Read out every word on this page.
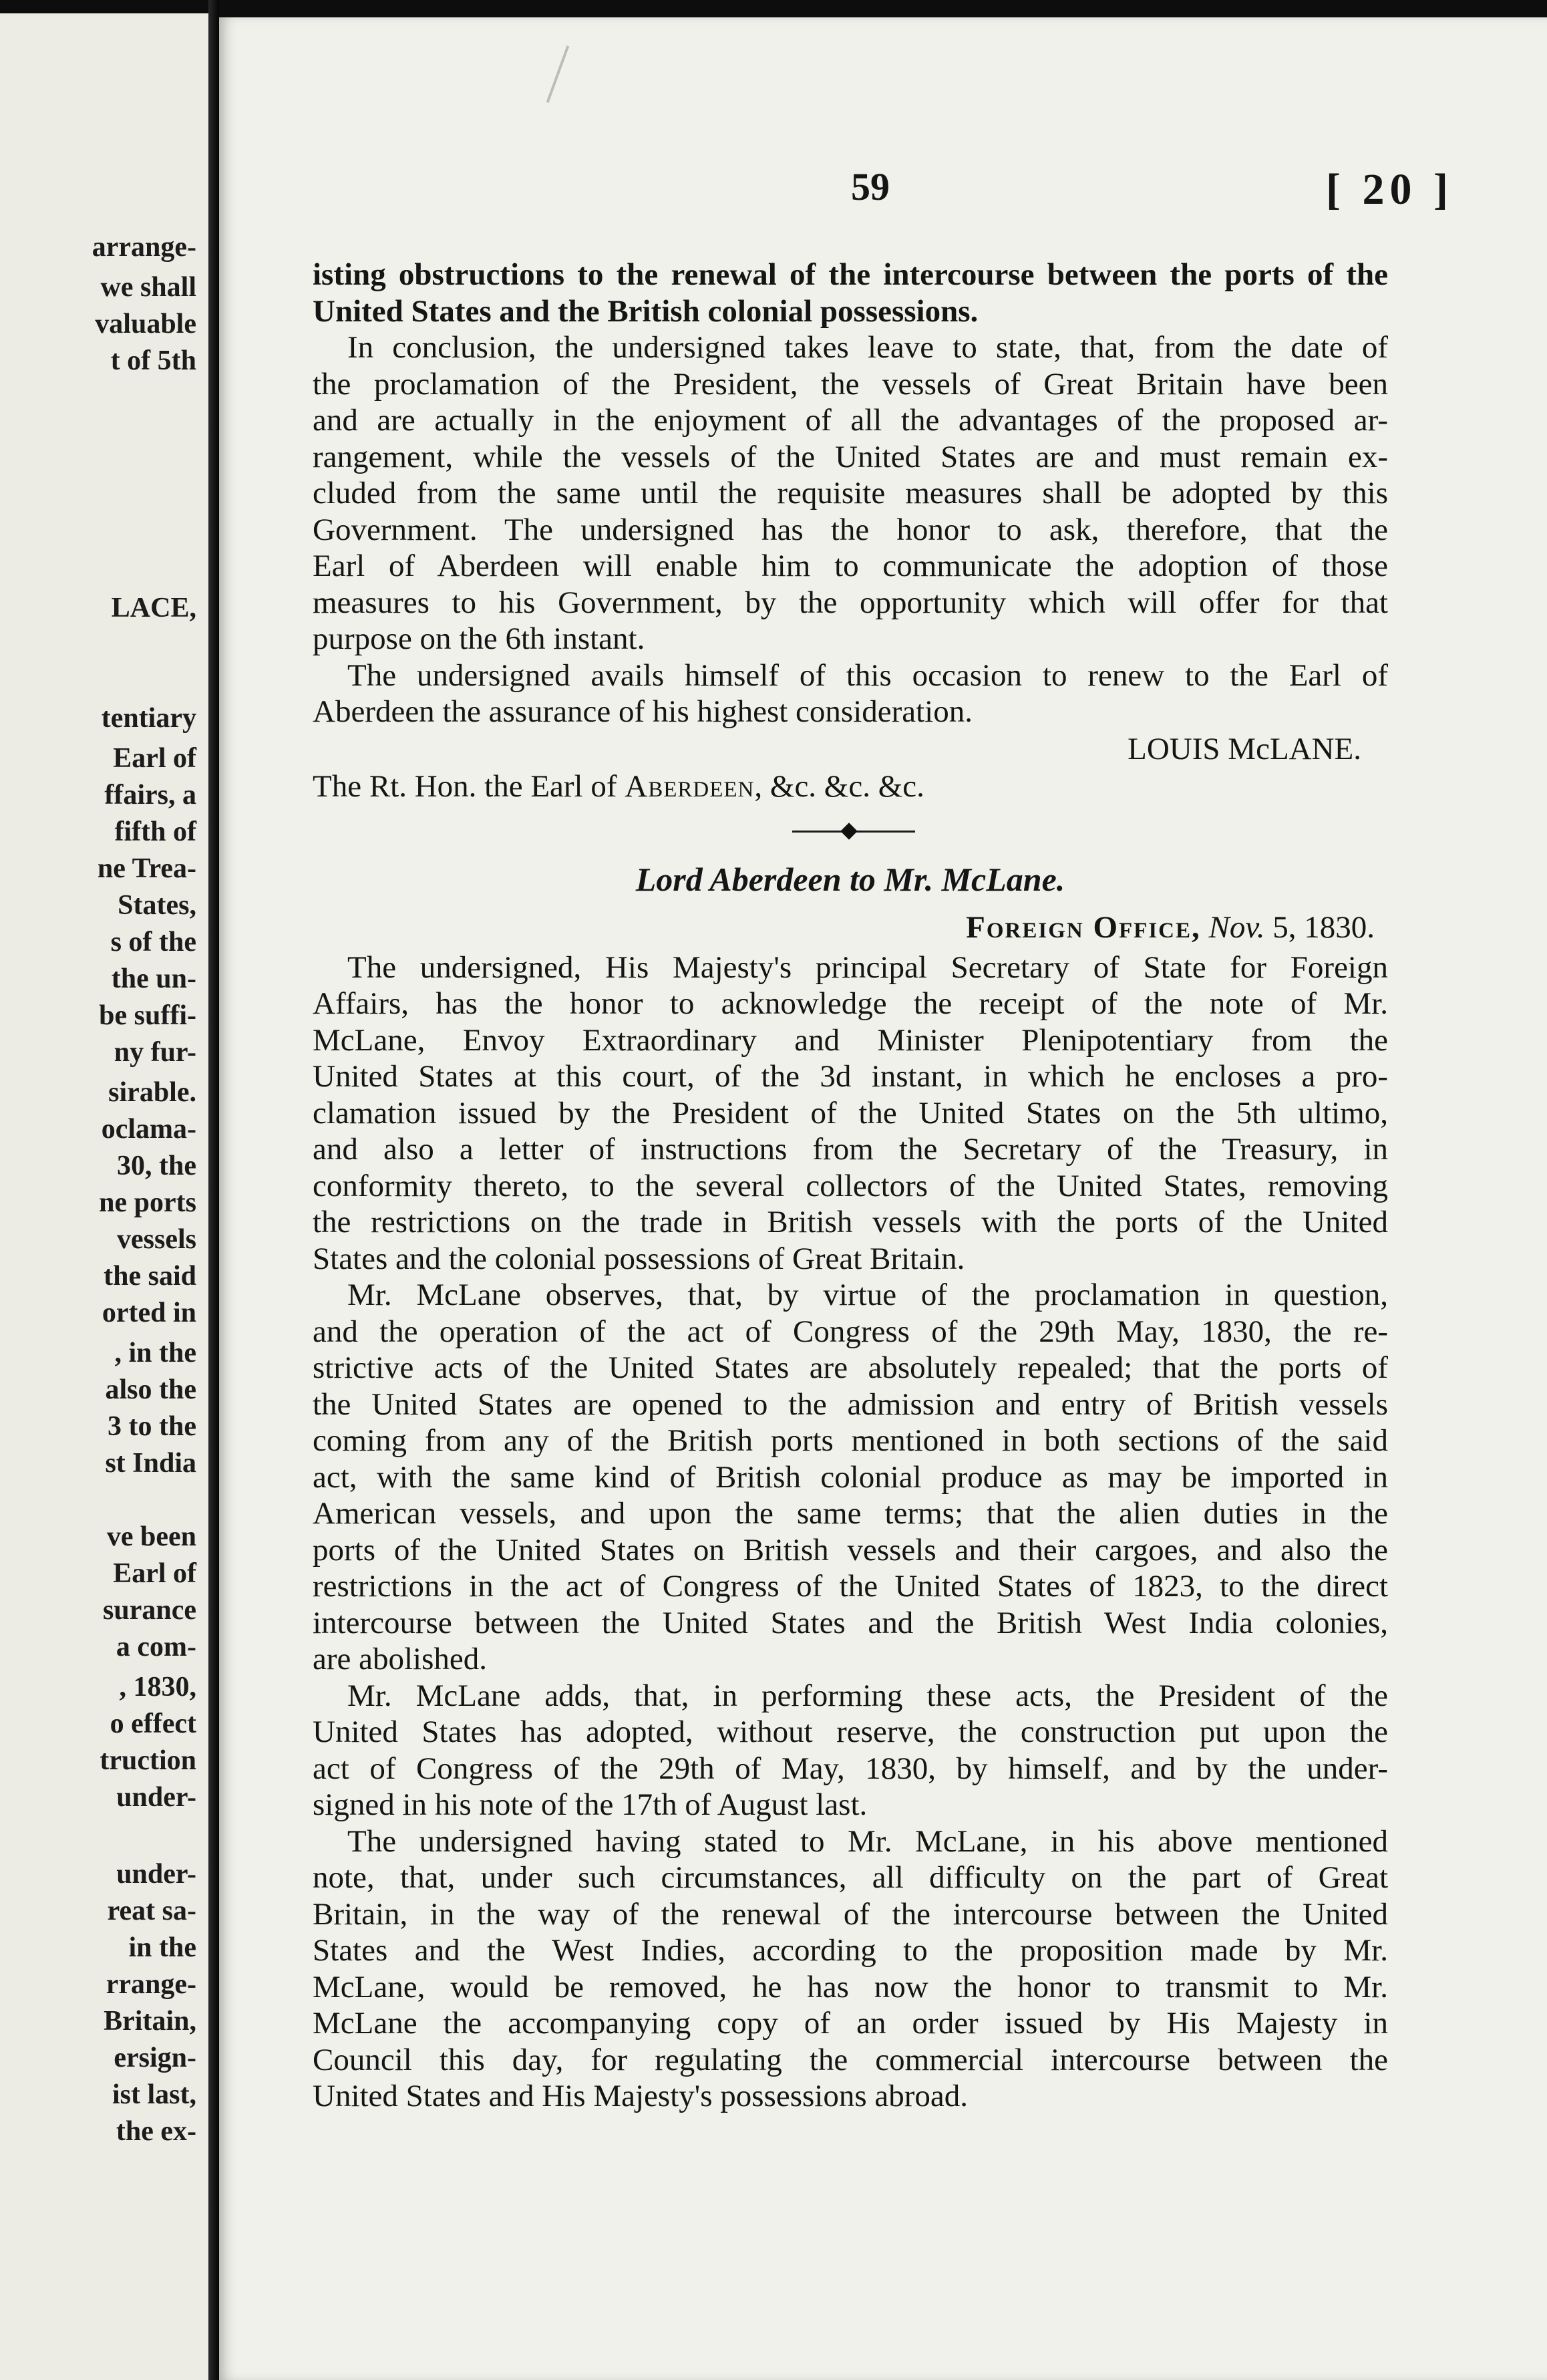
arrange-
we shall
valuable
t of 5th
LACE,
tentiary
Earl of
ffairs, a
fifth of
ne Trea-
States,
s of the
the un-
be suffi-
ny fur-
sirable.
oclama-
30, the
ne ports
vessels
the said
orted in
, in the
also the
3 to the
st India
ve been
Earl of
surance
a com-
, 1830,
o effect
truction
under-
under-
reat sa-
in the
rrange-
Britain,
ersign-
ist last,
the ex-
59	[ 20 ]
isting obstructions to the renewal of the intercourse between the ports of the
United States and the British colonial possessions.
In conclusion, the undersigned takes leave to state, that, from the date of
the proclamation of the President, the vessels of Great Britain have been
and are actually in the enjoyment of all the advantages of the proposed ar-
rangement, while the vessels of the United States are and must remain ex-
cluded from the same until the requisite measures shall be adopted by this
Government. The undersigned has the honor to ask, therefore, that the
Earl of Aberdeen will enable him to communicate the adoption of those
measures to his Government, by the opportunity which will offer for that
purpose on the 6th instant.
The undersigned avails himself of this occasion to renew to the Earl of
Aberdeen the assurance of his highest consideration.
LOUIS McLANE.
The Rt. Hon. the Earl of Aberdeen, &c. &c. &c.
Lord Aberdeen to Mr. McLane.
Foreign Office, Nov. 5, 1830.
The undersigned, His Majesty's principal Secretary of State for Foreign
Affairs, has the honor to acknowledge the receipt of the note of Mr.
McLane, Envoy Extraordinary and Minister Plenipotentiary from the
United States at this court, of the 3d instant, in which he encloses a pro-
clamation issued by the President of the United States on the 5th ultimo,
and also a letter of instructions from the Secretary of the Treasury, in
conformity thereto, to the several collectors of the United States, removing
the restrictions on the trade in British vessels with the ports of the United
States and the colonial possessions of Great Britain.
Mr. McLane observes, that, by virtue of the proclamation in question,
and the operation of the act of Congress of the 29th May, 1830, the re-
strictive acts of the United States are absolutely repealed; that the ports of
the United States are opened to the admission and entry of British vessels
coming from any of the British ports mentioned in both sections of the said
act, with the same kind of British colonial produce as may be imported in
American vessels, and upon the same terms; that the alien duties in the
ports of the United States on British vessels and their cargoes, and also the
restrictions in the act of Congress of the United States of 1823, to the direct
intercourse between the United States and the British West India colonies,
are abolished.
Mr. McLane adds, that, in performing these acts, the President of the
United States has adopted, without reserve, the construction put upon the
act of Congress of the 29th of May, 1830, by himself, and by the under-
signed in his note of the 17th of August last.
The undersigned having stated to Mr. McLane, in his above mentioned
note, that, under such circumstances, all difficulty on the part of Great
Britain, in the way of the renewal of the intercourse between the United
States and the West Indies, according to the proposition made by Mr.
McLane, would be removed, he has now the honor to transmit to Mr.
McLane the accompanying copy of an order issued by His Majesty in
Council this day, for regulating the commercial intercourse between the
United States and His Majesty's possessions abroad.
